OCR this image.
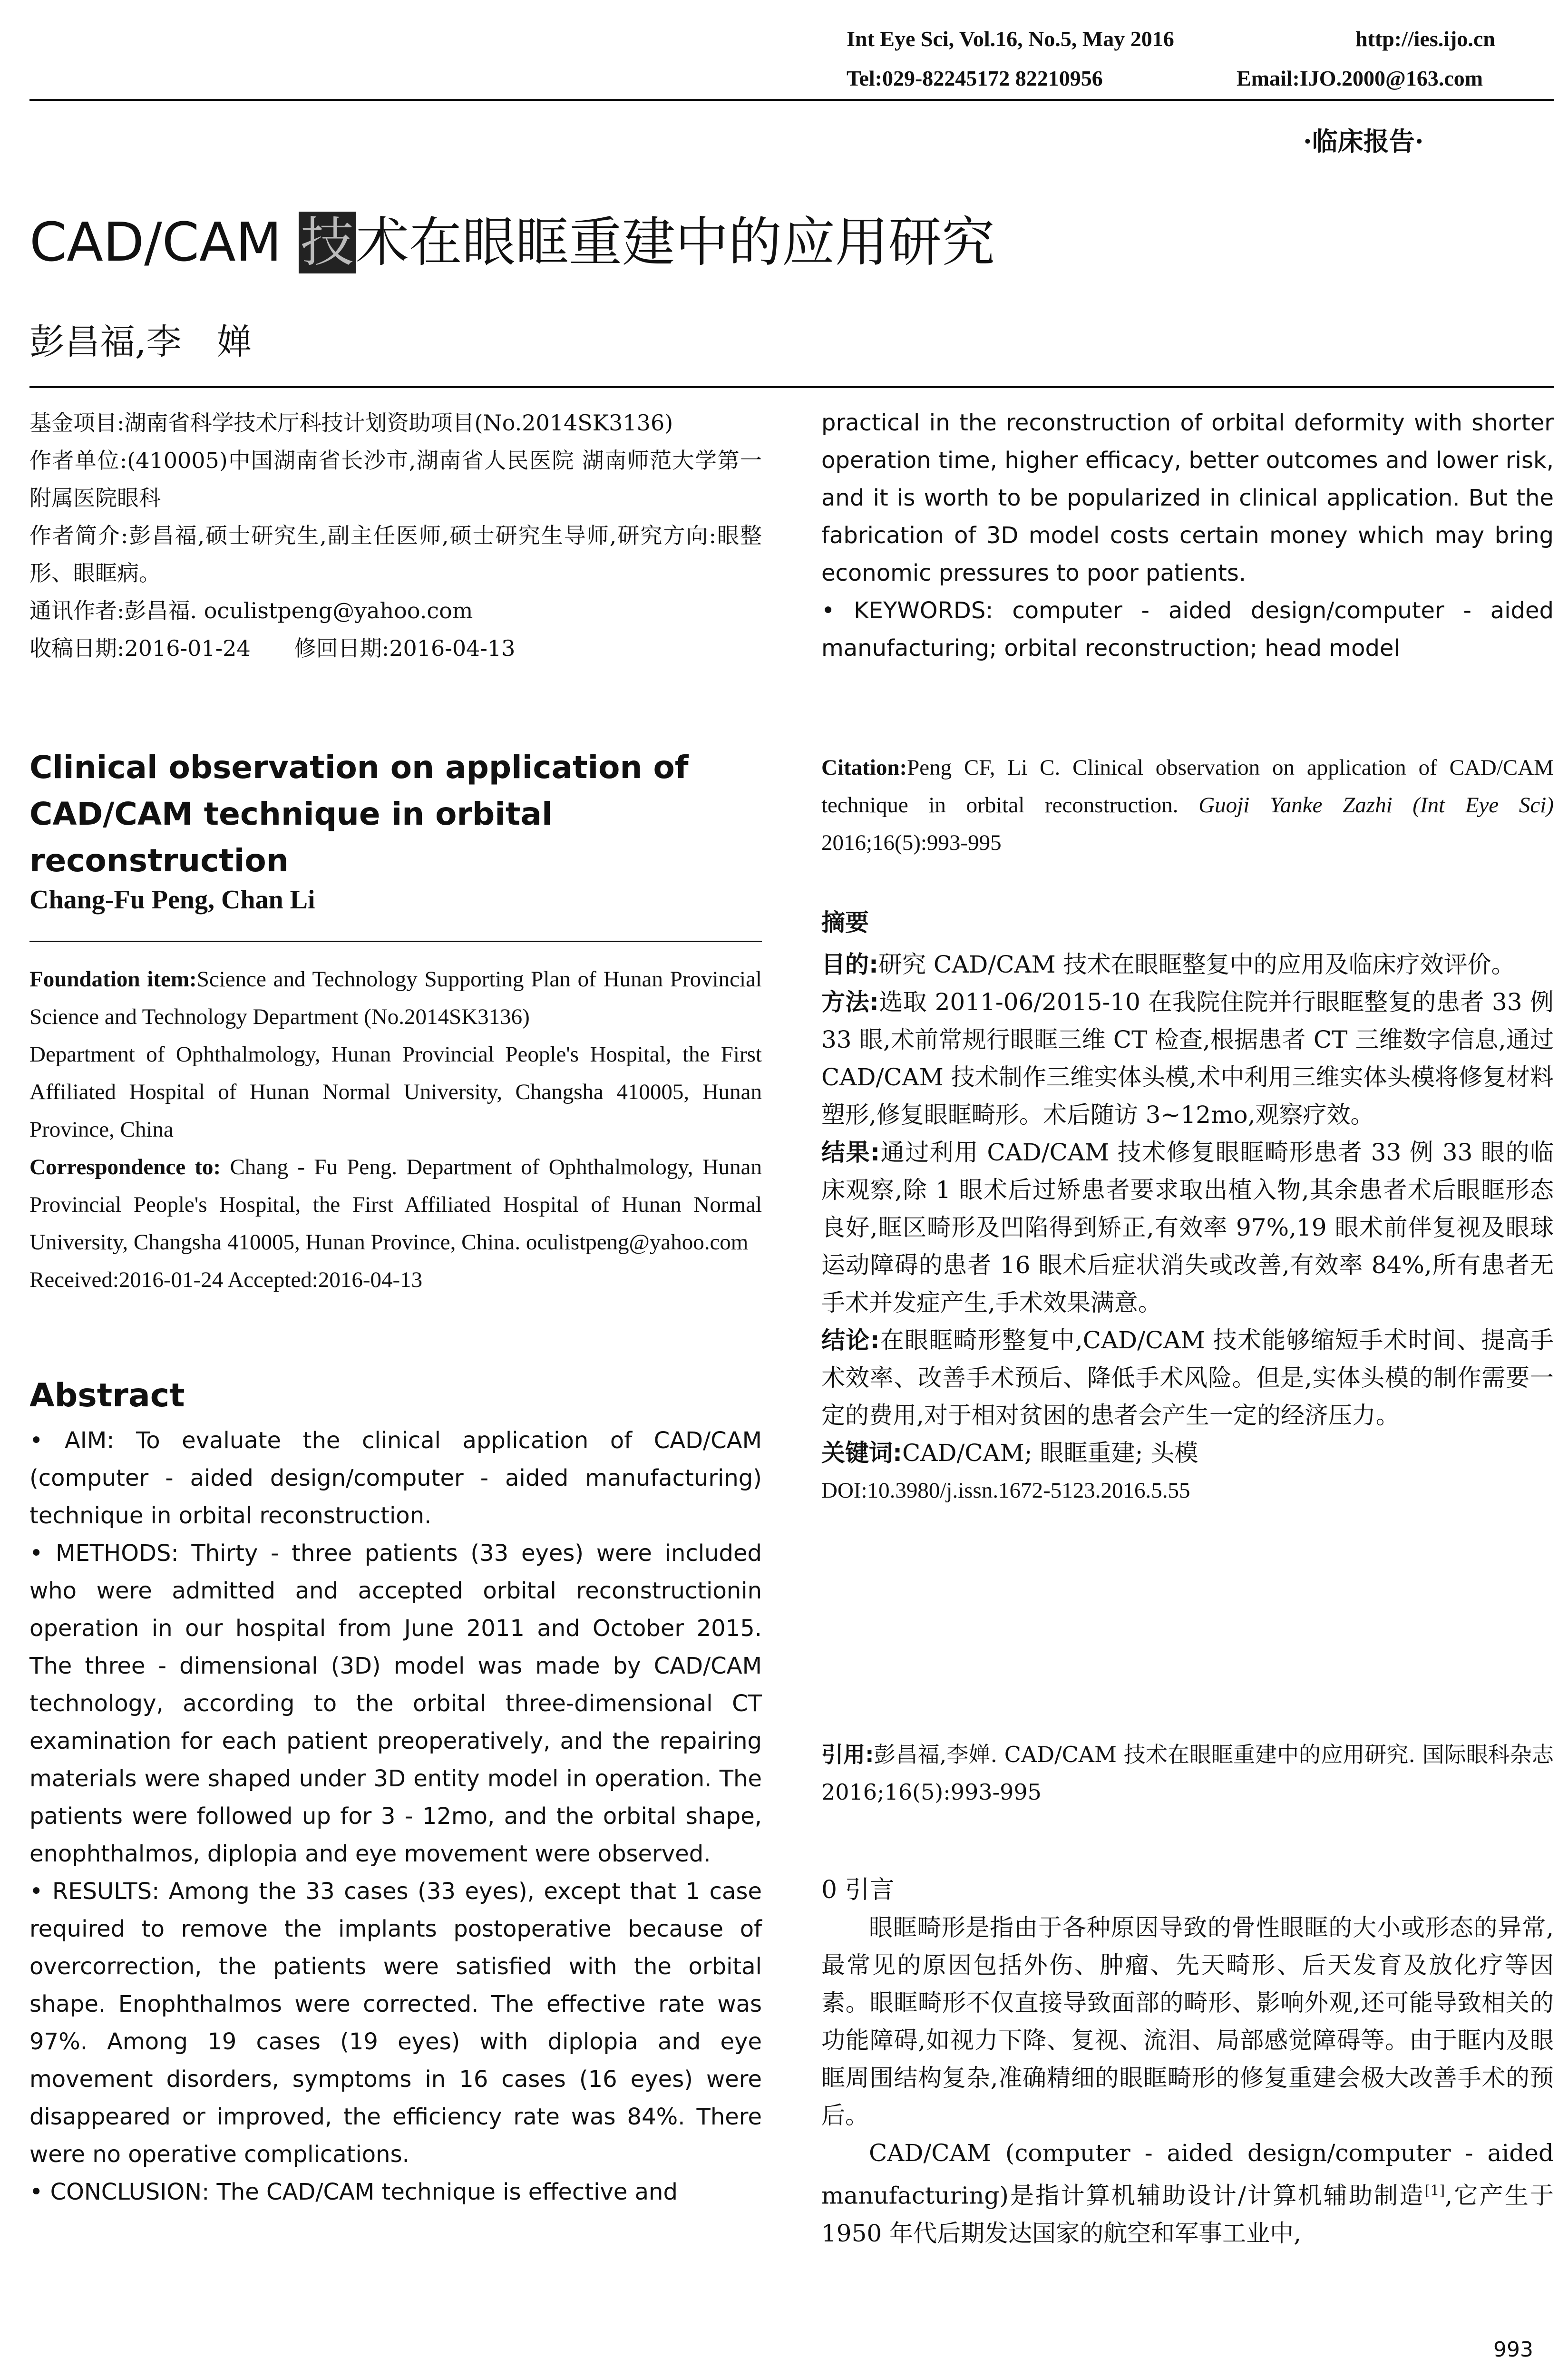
Int Eye Sci, Vol.16, No.5, May 2016	http://ies.ijo.cn
Tel:029-82245172 82210956	Email:IJO.2000@163.com
·临床报告·
CAD/CAM 技术在眼眶重建中的应用研究
彭昌福,李　婵

基金项目:湖南省科学技术厅科技计划资助项目(No.2014SK3136)

作者单位:(410005)中国湖南省长沙市,湖南省人民医院 湖南师范大学第一附属医院眼科

作者简介:彭昌福,硕士研究生,副主任医师,硕士研究生导师,研究方向:眼整形、眼眶病。

通讯作者:彭昌福. oculistpeng@yahoo.com

收稿日期:2016-01-24　　修回日期:2016-04-13

Clinical observation on application of CAD/CAM technique in orbital reconstruction
Chang-Fu Peng, Chan Li

Foundation item:Science and Technology Supporting Plan of Hunan Provincial Science and Technology Department (No.2014SK3136)

Department of Ophthalmology, Hunan Provincial People's Hospital, the First Affiliated Hospital of Hunan Normal University, Changsha 410005, Hunan Province, China

Correspondence to: Chang - Fu Peng. Department of Ophthalmology, Hunan Provincial People's Hospital, the First Affiliated Hospital of Hunan Normal University, Changsha 410005, Hunan Province, China. oculistpeng@yahoo.com

Received:2016-01-24 Accepted:2016-04-13

Abstract

• AIM: To evaluate the clinical application of CAD/CAM (computer - aided design/computer - aided manufacturing) technique in orbital reconstruction.

• METHODS: Thirty - three patients (33 eyes) were included who were admitted and accepted orbital reconstructionin operation in our hospital from June 2011 and October 2015. The three - dimensional (3D) model was made by CAD/CAM technology, according to the orbital three-dimensional CT examination for each patient preoperatively, and the repairing materials were shaped under 3D entity model in operation. The patients were followed up for 3 - 12mo, and the orbital shape, enophthalmos, diplopia and eye movement were observed.

• RESULTS: Among the 33 cases (33 eyes), except that 1 case required to remove the implants postoperative because of overcorrection, the patients were satisfied with the orbital shape. Enophthalmos were corrected. The effective rate was 97%. Among 19 cases (19 eyes) with diplopia and eye movement disorders, symptoms in 16 cases (16 eyes) were disappeared or improved, the efficiency rate was 84%. There were no operative complications.

• CONCLUSION: The CAD/CAM technique is effective and

practical in the reconstruction of orbital deformity with shorter operation time, higher efficacy, better outcomes and lower risk, and it is worth to be popularized in clinical application. But the fabrication of 3D model costs certain money which may bring economic pressures to poor patients.

• KEYWORDS: computer - aided design/computer - aided manufacturing; orbital reconstruction; head model

Citation:Peng CF, Li C. Clinical observation on application of CAD/CAM technique in orbital reconstruction. Guoji Yanke Zazhi (Int Eye Sci) 2016;16(5):993-995

摘要

目的:研究 CAD/CAM 技术在眼眶整复中的应用及临床疗效评价。

方法:选取 2011-06/2015-10 在我院住院并行眼眶整复的患者 33 例 33 眼,术前常规行眼眶三维 CT 检查,根据患者 CT 三维数字信息,通过 CAD/CAM 技术制作三维实体头模,术中利用三维实体头模将修复材料塑形,修复眼眶畸形。术后随访 3~12mo,观察疗效。

结果:通过利用 CAD/CAM 技术修复眼眶畸形患者 33 例 33 眼的临床观察,除 1 眼术后过矫患者要求取出植入物,其余患者术后眼眶形态良好,眶区畸形及凹陷得到矫正,有效率 97%,19 眼术前伴复视及眼球运动障碍的患者 16 眼术后症状消失或改善,有效率 84%,所有患者无手术并发症产生,手术效果满意。

结论:在眼眶畸形整复中,CAD/CAM 技术能够缩短手术时间、提高手术效率、改善手术预后、降低手术风险。但是,实体头模的制作需要一定的费用,对于相对贫困的患者会产生一定的经济压力。

关键词:CAD/CAM; 眼眶重建; 头模

DOI:10.3980/j.issn.1672-5123.2016.5.55

引用:彭昌福,李婵. CAD/CAM 技术在眼眶重建中的应用研究. 国际眼科杂志 2016;16(5):993-995

0 引言

眼眶畸形是指由于各种原因导致的骨性眼眶的大小或形态的异常,最常见的原因包括外伤、肿瘤、先天畸形、后天发育及放化疗等因素。眼眶畸形不仅直接导致面部的畸形、影响外观,还可能导致相关的功能障碍,如视力下降、复视、流泪、局部感觉障碍等。由于眶内及眼眶周围结构复杂,准确精细的眼眶畸形的修复重建会极大改善手术的预后。

CAD/CAM (computer - aided design/computer - aided manufacturing)是指计算机辅助设计/计算机辅助制造[1],它产生于 1950 年代后期发达国家的航空和军事工业中,

993
